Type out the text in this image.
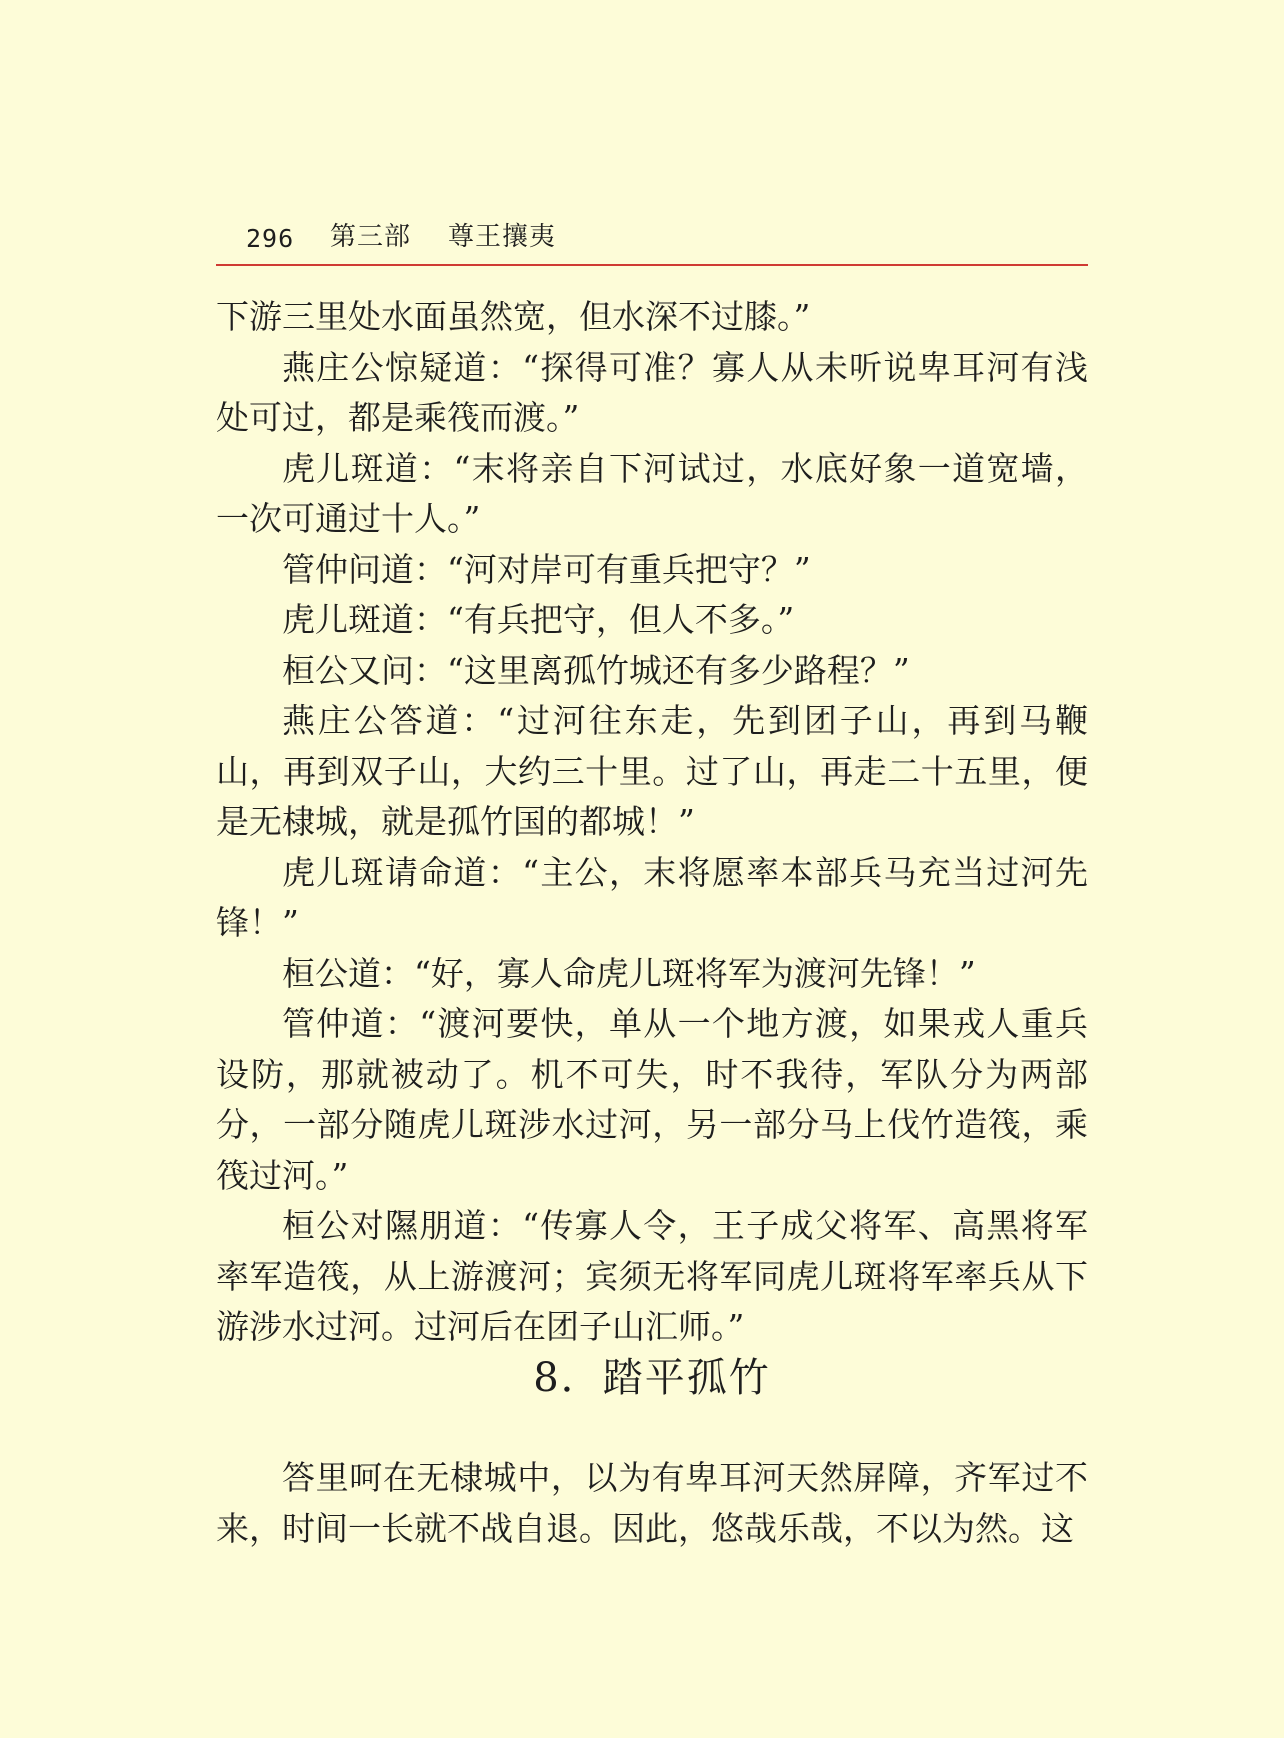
296 第三部 尊王攘夷

下游三里处水面虽然宽，但水深不过膝。”

燕庄公惊疑道：“探得可准？寡人从未听说卑耳河有浅处可过，都是乘筏而渡。”

虎儿斑道：“末将亲自下河试过，水底好象一道宽墙，一次可通过十人。”

管仲问道：“河对岸可有重兵把守？”

虎儿斑道：“有兵把守，但人不多。”

桓公又问：“这里离孤竹城还有多少路程？”

燕庄公答道：“过河往东走，先到团子山，再到马鞭山，再到双子山，大约三十里。过了山，再走二十五里，便是无棣城，就是孤竹国的都城！”

虎儿斑请命道：“主公，末将愿率本部兵马充当过河先锋！”

桓公道：“好，寡人命虎儿斑将军为渡河先锋！”

管仲道：“渡河要快，单从一个地方渡，如果戎人重兵设防，那就被动了。机不可失，时不我待，军队分为两部分，一部分随虎儿斑涉水过河，另一部分马上伐竹造筏，乘筏过河。”

桓公对隰朋道：“传寡人令，王子成父将军、高黑将军率军造筏，从上游渡河；宾须无将军同虎儿斑将军率兵从下游涉水过河。过河后在团子山汇师。”

8．踏平孤竹

答里呵在无棣城中，以为有卑耳河天然屏障，齐军过不来，时间一长就不战自退。因此，悠哉乐哉，不以为然。这
